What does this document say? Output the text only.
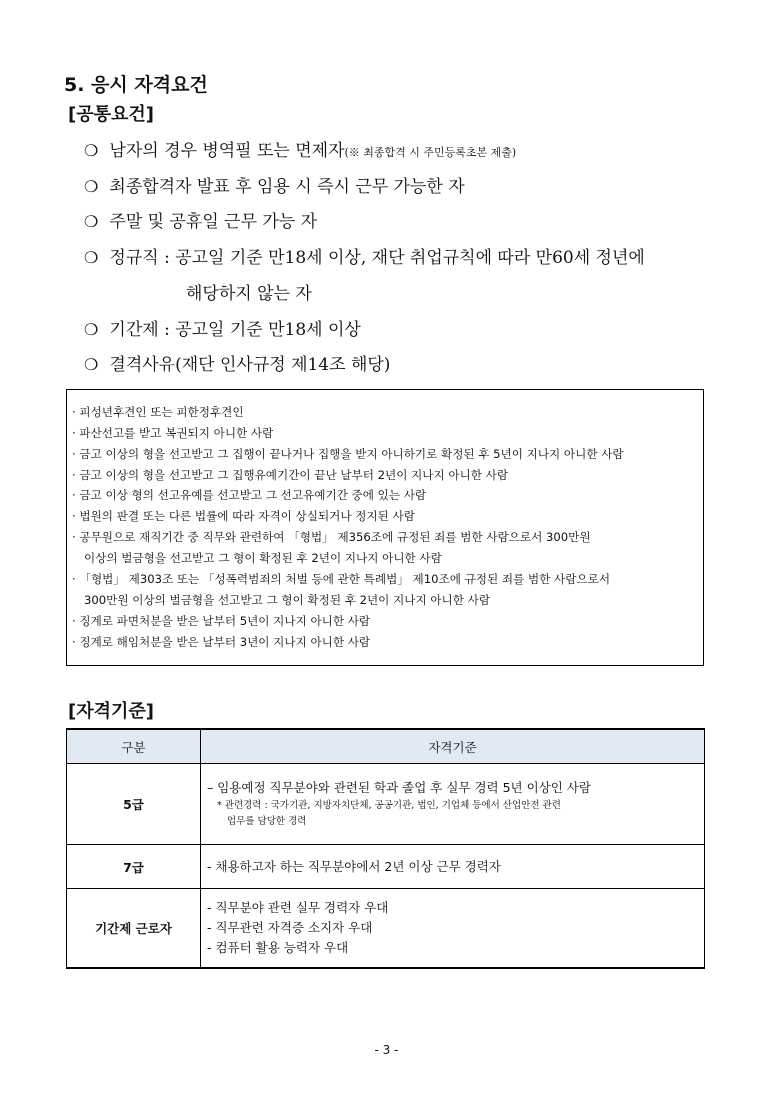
5. 응시 자격요건
[공통요건]
❍ 남자의 경우 병역필 또는 면제자(※ 최종합격 시 주민등록초본 제출)
❍ 최종합격자 발표 후 임용 시 즉시 근무 가능한 자
❍ 주말 및 공휴일 근무 가능 자
❍ 정규직 : 공고일 기준 만18세 이상, 재단 취업규칙에 따라 만60세 정년에
해당하지 않는 자
❍ 기간제 : 공고일 기준 만18세 이상
❍ 결격사유(재단 인사규정 제14조 해당)
· 피성년후견인 또는 피한정후견인
· 파산선고를 받고 복권되지 아니한 사람
· 금고 이상의 형을 선고받고 그 집행이 끝나거나 집행을 받지 아니하기로 확정된 후 5년이 지나지 아니한 사람
· 금고 이상의 형을 선고받고 그 집행유예기간이 끝난 날부터 2년이 지나지 아니한 사람
· 금고 이상 형의 선고유예를 선고받고 그 선고유예기간 중에 있는 사람
· 법원의 판결 또는 다른 법률에 따라 자격이 상실되거나 정지된 사람
· 공무원으로 재직기간 중 직무와 관련하여 「형법」 제356조에 규정된 죄를 범한 사람으로서 300만원
이상의 벌금형을 선고받고 그 형이 확정된 후 2년이 지나지 아니한 사람
· 「형법」 제303조 또는 「성폭력범죄의 처벌 등에 관한 특례법」 제10조에 규정된 죄를 범한 사람으로서
300만원 이상의 벌금형을 선고받고 그 형이 확정된 후 2년이 지나지 아니한 사람
· 징계로 파면처분을 받은 날부터 5년이 지나지 아니한 사람
· 징계로 해임처분을 받은 날부터 3년이 지나지 아니한 사람
[자격기준]
구분	자격기준
5급	– 임용예정 직무분야와 관련된 학과 졸업 후 실무 경력 5년 이상인 사람
* 관련경력 : 국가기관, 지방자치단체, 공공기관, 법인, 기업체 등에서 산업안전 관련
업무를 담당한 경력

7급	- 채용하고자 하는 직무분야에서 2년 이상 근무 경력자

기간제 근로자	- 직무분야 관련 실무 경력자 우대
- 직무관련 자격증 소지자 우대
- 컴퓨터 활용 능력자 우대
- 3 -
